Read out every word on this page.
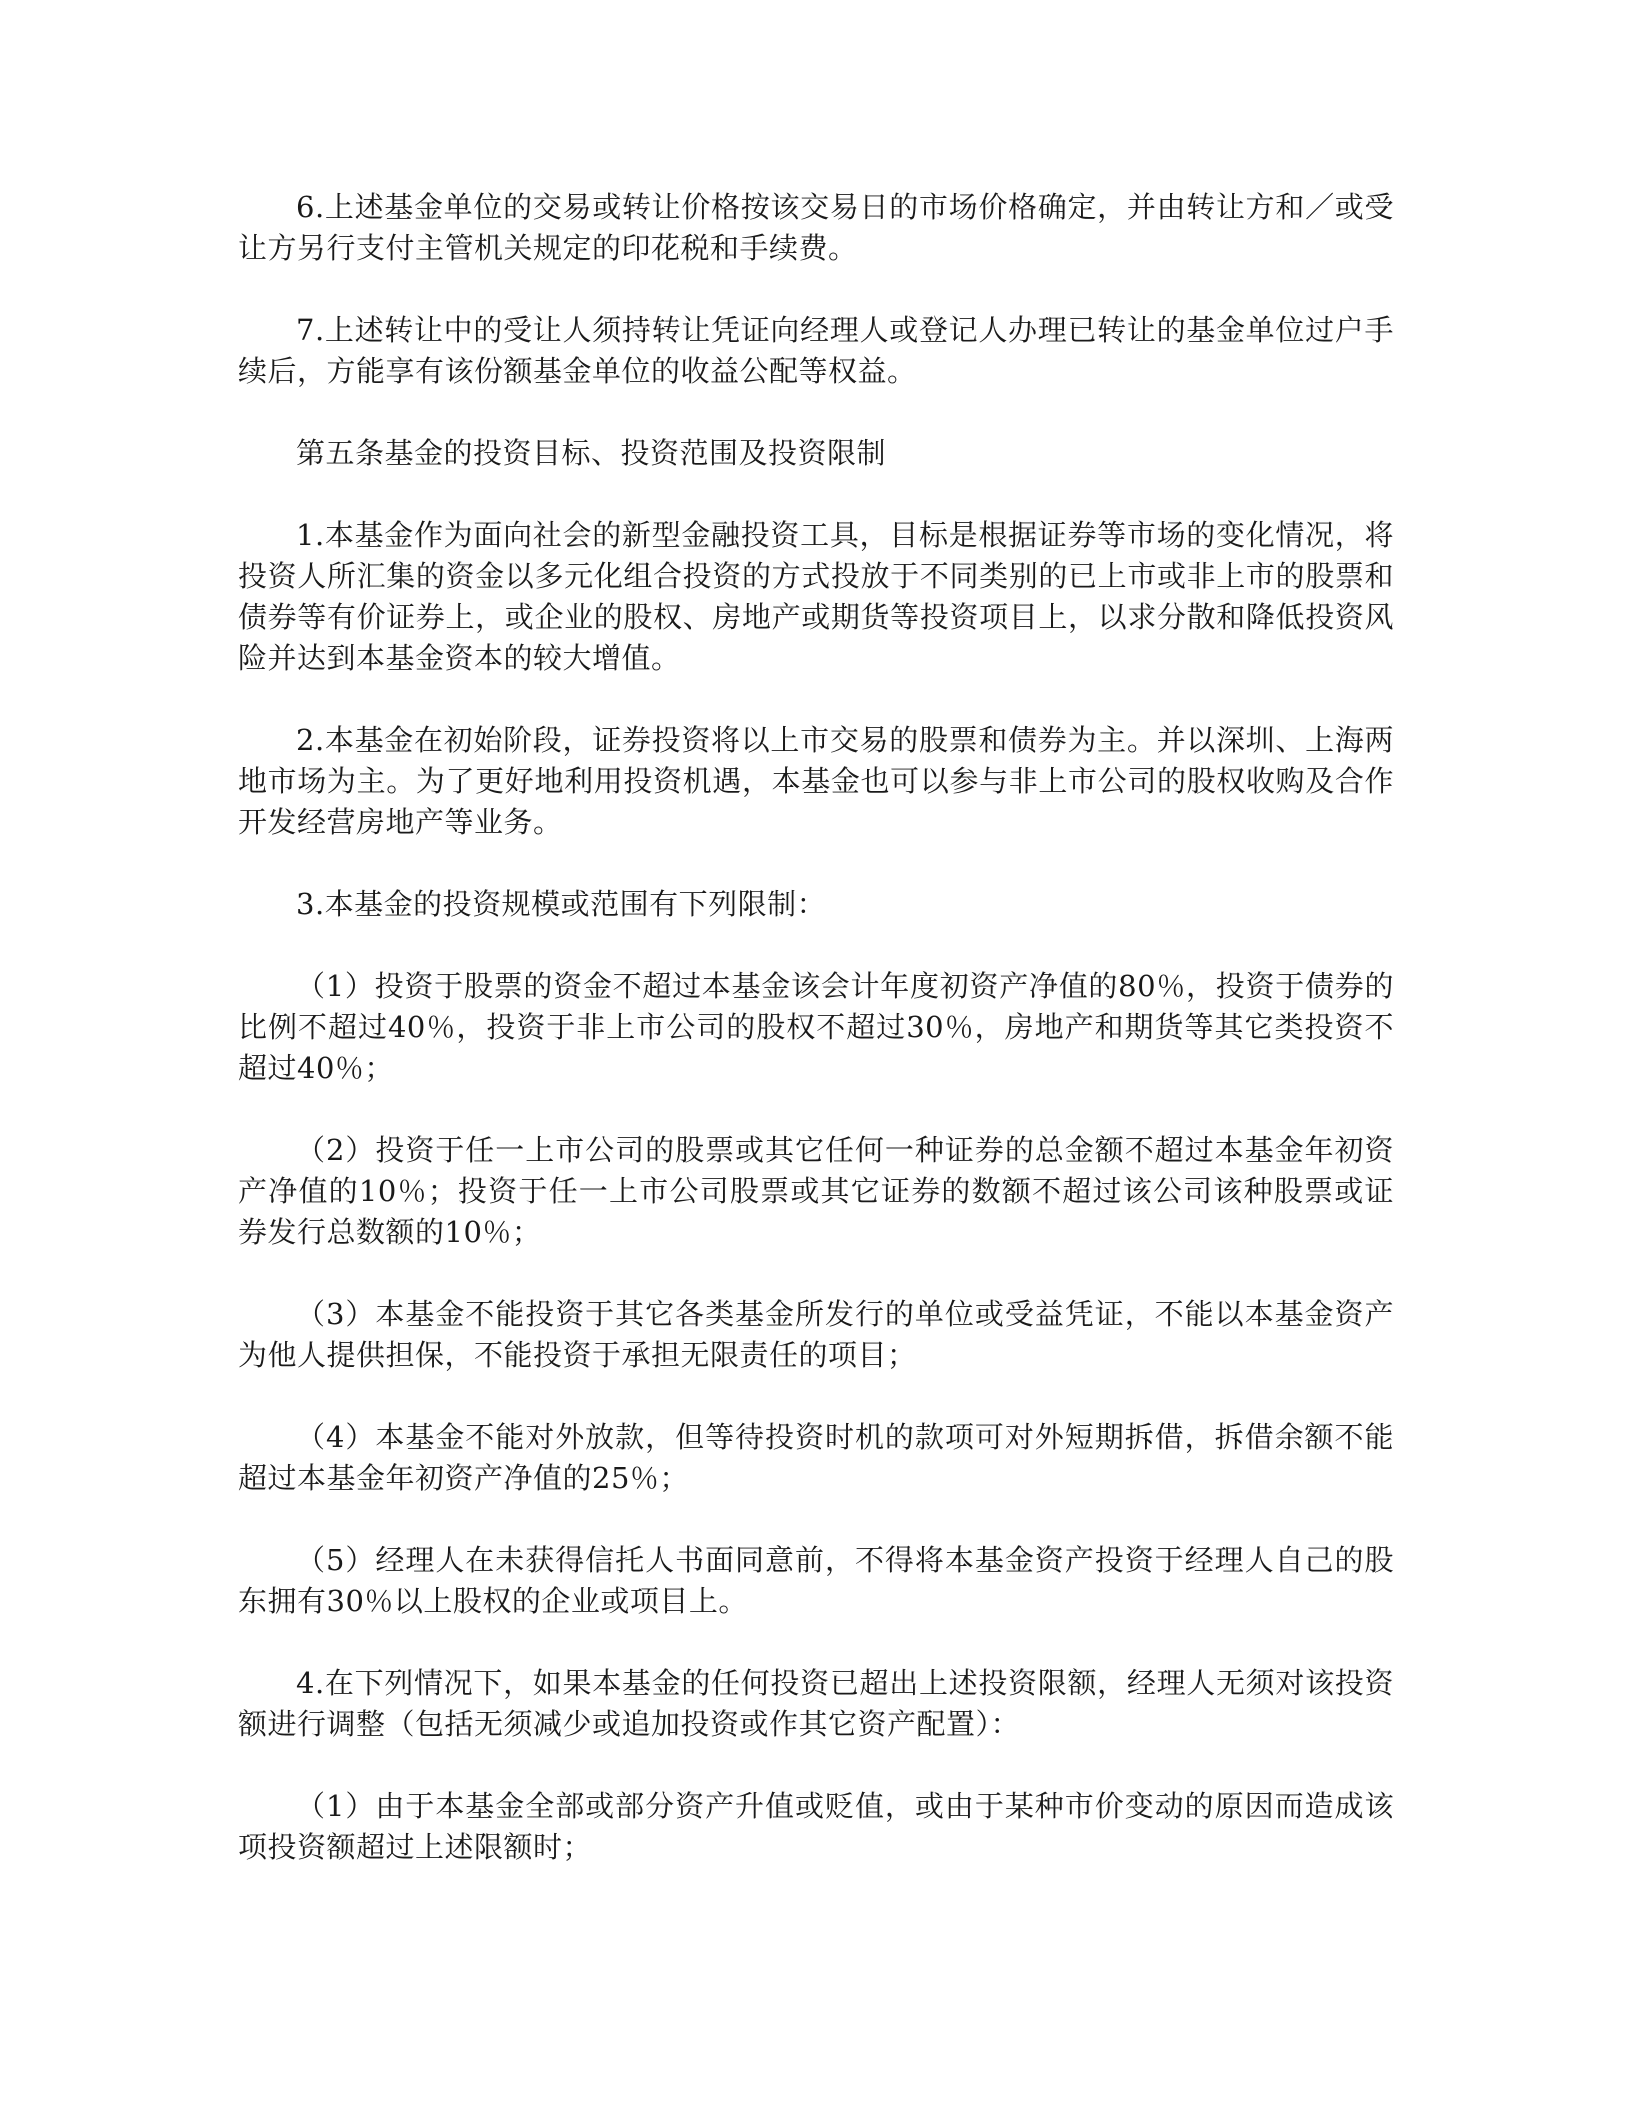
6.上述基金单位的交易或转让价格按该交易日的市场价格确定，并由转让方和／或受让方另行支付主管机关规定的印花税和手续费。

7.上述转让中的受让人须持转让凭证向经理人或登记人办理已转让的基金单位过户手续后，方能享有该份额基金单位的收益公配等权益。

第五条基金的投资目标、投资范围及投资限制

1.本基金作为面向社会的新型金融投资工具，目标是根据证券等市场的变化情况，将投资人所汇集的资金以多元化组合投资的方式投放于不同类别的已上市或非上市的股票和债券等有价证券上，或企业的股权、房地产或期货等投资项目上，以求分散和降低投资风险并达到本基金资本的较大增值。

2.本基金在初始阶段，证券投资将以上市交易的股票和债券为主。并以深圳、上海两地市场为主。为了更好地利用投资机遇，本基金也可以参与非上市公司的股权收购及合作开发经营房地产等业务。

3.本基金的投资规模或范围有下列限制：

（1）投资于股票的资金不超过本基金该会计年度初资产净值的80％，投资于债券的比例不超过40％，投资于非上市公司的股权不超过30％，房地产和期货等其它类投资不超过40％；

（2）投资于任一上市公司的股票或其它任何一种证券的总金额不超过本基金年初资产净值的10％；投资于任一上市公司股票或其它证券的数额不超过该公司该种股票或证券发行总数额的10％；

（3）本基金不能投资于其它各类基金所发行的单位或受益凭证，不能以本基金资产为他人提供担保，不能投资于承担无限责任的项目；

（4）本基金不能对外放款，但等待投资时机的款项可对外短期拆借，拆借余额不能超过本基金年初资产净值的25％；

（5）经理人在未获得信托人书面同意前，不得将本基金资产投资于经理人自己的股东拥有30％以上股权的企业或项目上。

4.在下列情况下，如果本基金的任何投资已超出上述投资限额，经理人无须对该投资额进行调整（包括无须减少或追加投资或作其它资产配置）：

（1）由于本基金全部或部分资产升值或贬值，或由于某种市价变动的原因而造成该项投资额超过上述限额时；
